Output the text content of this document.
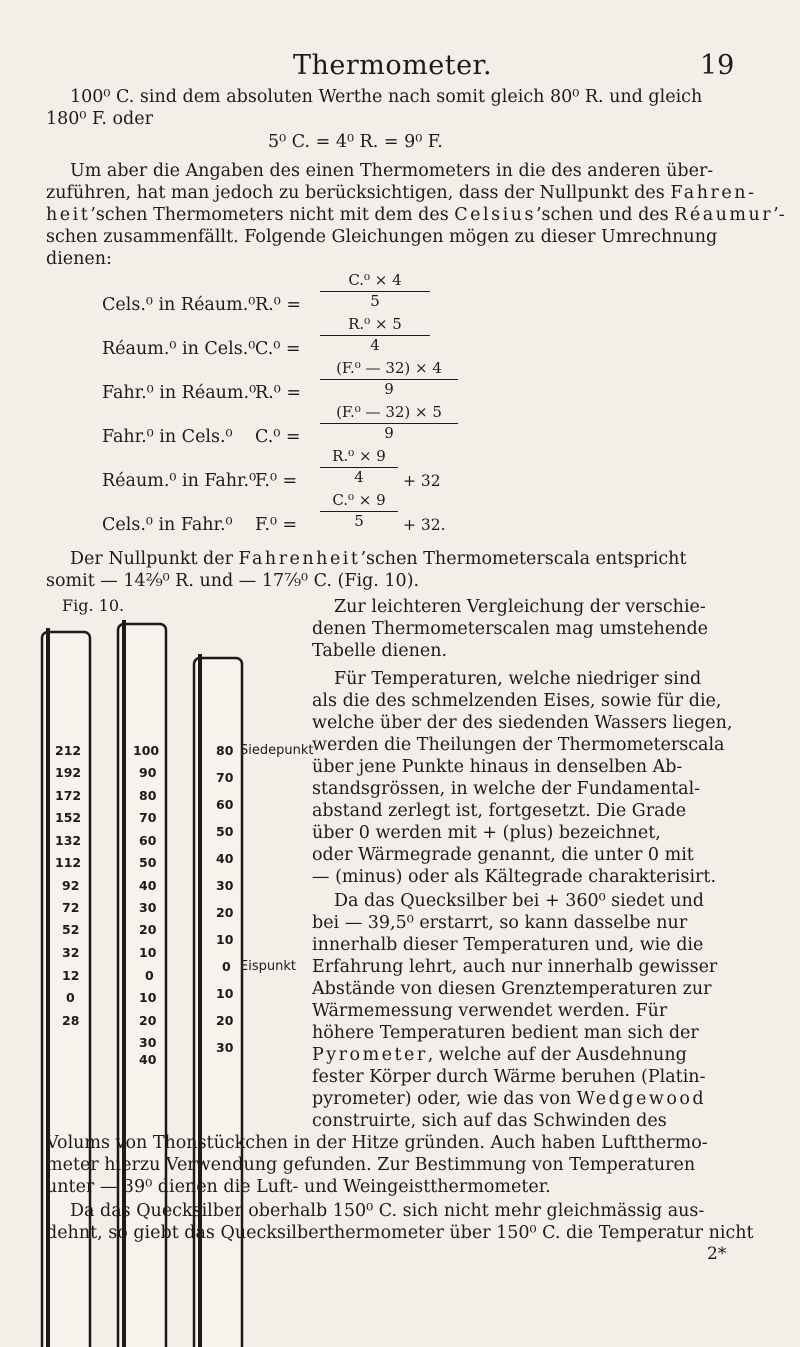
Thermometer.	19
100⁰ C. sind dem absoluten Werthe nach somit gleich 80⁰ R. und gleich
180⁰ F. oder
5⁰ C. = 4⁰ R. = 9⁰ F.
Um aber die Angaben des einen Thermometers in die des anderen über-
zuführen, hat man jedoch zu berücksichtigen, dass der Nullpunkt des Fahren-
heit’schen Thermometers nicht mit dem des Celsius’schen und des Réaumur’-
schen zusammenfällt. Folgende Gleichungen mögen zu dieser Umrechnung
dienen:
Cels.⁰ in Réaum.⁰ R.⁰ =
C.⁰ × 4
5
Réaum.⁰ in Cels.⁰ C.⁰ =
R.⁰ × 5
4
Fahr.⁰ in Réaum.⁰
R.⁰ =
(F.⁰ — 32) × 4
9
Fahr.⁰ in Cels.⁰ C.⁰ =
(F.⁰ — 32) × 5
9
Réaum.⁰ in Fahr.⁰
F.⁰ =
R.⁰ × 9
4	+ 32
Cels.⁰ in Fahr.⁰ F.⁰ =
C.⁰ × 9
5	+ 32.
Der Nullpunkt der Fahrenheit’schen Thermometerscala entspricht
somit — 14²⁄₉⁰ R. und — 17⁷⁄₉⁰ C. (Fig. 10).
Fig. 10.
212
192
172
152
132
112
92
72
52
32
12
0
28
100
90
80
70
60
50
40
30
20
10
0
10
20
30
40
80
70
60
50
40
30
20
10
0
10
20
30
Siedepunkt
Eispunkt
Zur leichteren Vergleichung der verschie-
denen Thermometerscalen mag umstehende
Tabelle dienen.
Für Temperaturen, welche niedriger sind
als die des schmelzenden Eises, sowie für die,
welche über der des siedenden Wassers liegen,
werden die Theilungen der Thermometerscala
über jene Punkte hinaus in denselben Ab-
standsgrössen, in welche der Fundamental-
abstand zerlegt ist, fortgesetzt. Die Grade
über 0 werden mit + (plus) bezeichnet,
oder Wärmegrade genannt, die unter 0 mit
— (minus) oder als Kältegrade charakterisirt.
Da das Quecksilber bei + 360⁰ siedet und
bei — 39,5⁰ erstarrt, so kann dasselbe nur
innerhalb dieser Temperaturen und, wie die
Erfahrung lehrt, auch nur innerhalb gewisser
Abstände von diesen Grenztemperaturen zur
Wärmemessung verwendet werden. Für
höhere Temperaturen bedient man sich der
Pyrometer, welche auf der Ausdehnung
fester Körper durch Wärme beruhen (Platin-
pyrometer) oder, wie das von Wedgewood
construirte, sich auf das Schwinden des
Volums von Thonstückchen in der Hitze gründen. Auch haben Luftthermo-
meter hierzu Verwendung gefunden. Zur Bestimmung von Temperaturen
unter — 39⁰ dienen die Luft- und Weingeistthermometer.
Da das Quecksilber oberhalb 150⁰ C. sich nicht mehr gleichmässig aus-
dehnt, so giebt das Quecksilberthermometer über 150⁰ C. die Temperatur nicht
2*
